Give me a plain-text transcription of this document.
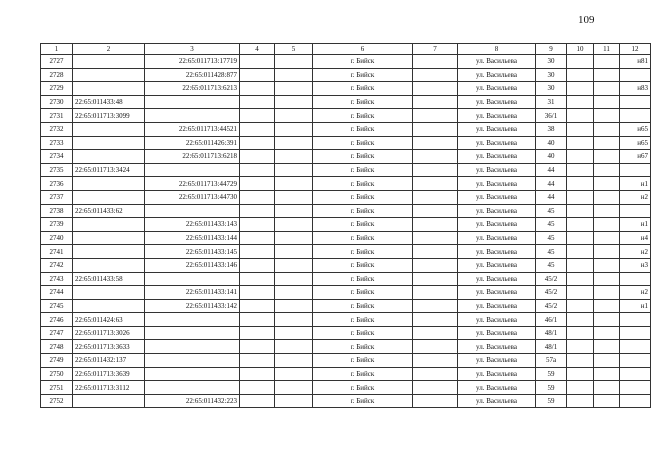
109
1	2	3	4	5	6	7	8	9	10	11	12
2727		22:65:011713:17719			г. Бийск		ул. Васильева	30			н81
2728		22:65:011428:877			г. Бийск		ул. Васильева	30			
2729		22:65:011713:6213			г. Бийск		ул. Васильева	30			н83
2730	22:65:011433:48				г. Бийск		ул. Васильева	31			
2731	22:65:011713:3099				г. Бийск		ул. Васильева	36/1			
2732		22:65:011713:44521			г. Бийск		ул. Васильева	38			н65
2733		22:65:011426:391			г. Бийск		ул. Васильева	40			н65
2734		22:65:011713:6218			г. Бийск		ул. Васильева	40			н67
2735	22:65:011713:3424				г. Бийск		ул. Васильева	44			
2736		22:65:011713:44729			г. Бийск		ул. Васильева	44			н1
2737		22:65:011713:44730			г. Бийск		ул. Васильева	44			н2
2738	22:65:011433:62				г. Бийск		ул. Васильева	45			
2739		22:65:011433:143			г. Бийск		ул. Васильева	45			н1
2740		22:65:011433:144			г. Бийск		ул. Васильева	45			н4
2741		22:65:011433:145			г. Бийск		ул. Васильева	45			н2
2742		22:65:011433:146			г. Бийск		ул. Васильева	45			н3
2743	22:65:011433:58				г. Бийск		ул. Васильева	45/2			
2744		22:65:011433:141			г. Бийск		ул. Васильева	45/2			н2
2745		22:65:011433:142			г. Бийск		ул. Васильева	45/2			н1
2746	22:65:011424:63				г. Бийск		ул. Васильева	46/1			
2747	22:65:011713:3026				г. Бийск		ул. Васильева	48/1			
2748	22:65:011713:3633				г. Бийск		ул. Васильева	48/1			
2749	22:65:011432:137				г. Бийск		ул. Васильева	57а			
2750	22:65:011713:3639				г. Бийск		ул. Васильева	59			
2751	22:65:011713:3112				г. Бийск		ул. Васильева	59			
2752		22:65:011432:223			г. Бийск		ул. Васильева	59			
